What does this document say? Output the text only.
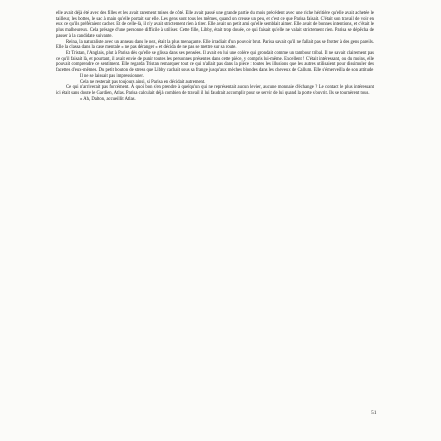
elle avait déjà été avec des filles et les avait rarement mises de côté. Elle avait passé une grande partie du mois précédent avec une riche héritière qu'elle avait achetée le tailleur, les bottes, le sac à main qu'elle portait sur elle. Les gens sont tous les mêmes, quand on creuse un peu, et c'est ce que Parisa faisait. C'était son travail de voir en eux ce qu'ils préféraient cacher. Et de celle-là, il n'y avait strictement rien à tirer. Elle avait un petit ami qu'elle semblait aimer. Elle avait de bonnes intentions, et c'était le plus malheureux. Cela présage d'une personne difficile à utiliser. Cette fille, Libby, était trop douée, ce qui faisait qu'elle ne valait strictement rien. Parisa se dépêcha de passer à la candidate suivante.

Reina, la naturaliste avec un anneau dans le nez, était la plus menaçante. Elle irradiait d'un pouvoir brut. Parisa savait qu'il ne fallait pas se frotter à des gens pareils. Elle la classa dans la case mentale « ne pas déranger » et décida de ne pas se mettre sur sa route.

Et Tristan, l'Anglais, plut à Parisa dès qu'elle se glissa dans ses pensées. Il avait en lui une colère qui grondait comme un tambour tribal. Il ne savait clairement pas ce qu'il faisait là, et pourtant, il avait envie de punir toutes les personnes présentes dans cette pièce, y compris lui-même. Excellent ! C'était intéressant, ou du moins, elle pouvait comprendre ce sentiment. Elle regarda Tristan remarquer tout ce qui n'allait pas dans la pièce : toutes les illusions que les autres utilisaient pour dissimuler des facettes d'eux-mêmes. Du petit bouton de stress que Libby cachait sous sa frange jusqu'aux mèches blondes dans les cheveux de Callum. Elle s'émerveilla de son attitude

Il ne se laissait pas impressionner.

Cela ne resterait pas toujours ainsi, si Parisa en décidait autrement.

Ce qui n'arriverait pas forcément. À quoi bon s'en prendre à quelqu'un qui ne représentait aucun levier, aucune monnaie d'échange ? Le contact le plus intéressant ici était sans doute le Gardien, Atlas. Parisa calculait déjà combien de travail il lui faudrait accomplir pour se servir de lui quand la porte s'ouvrit. Ils se tournèrent tous.

« Ah, Dalton, accueillit Atlas.

51
